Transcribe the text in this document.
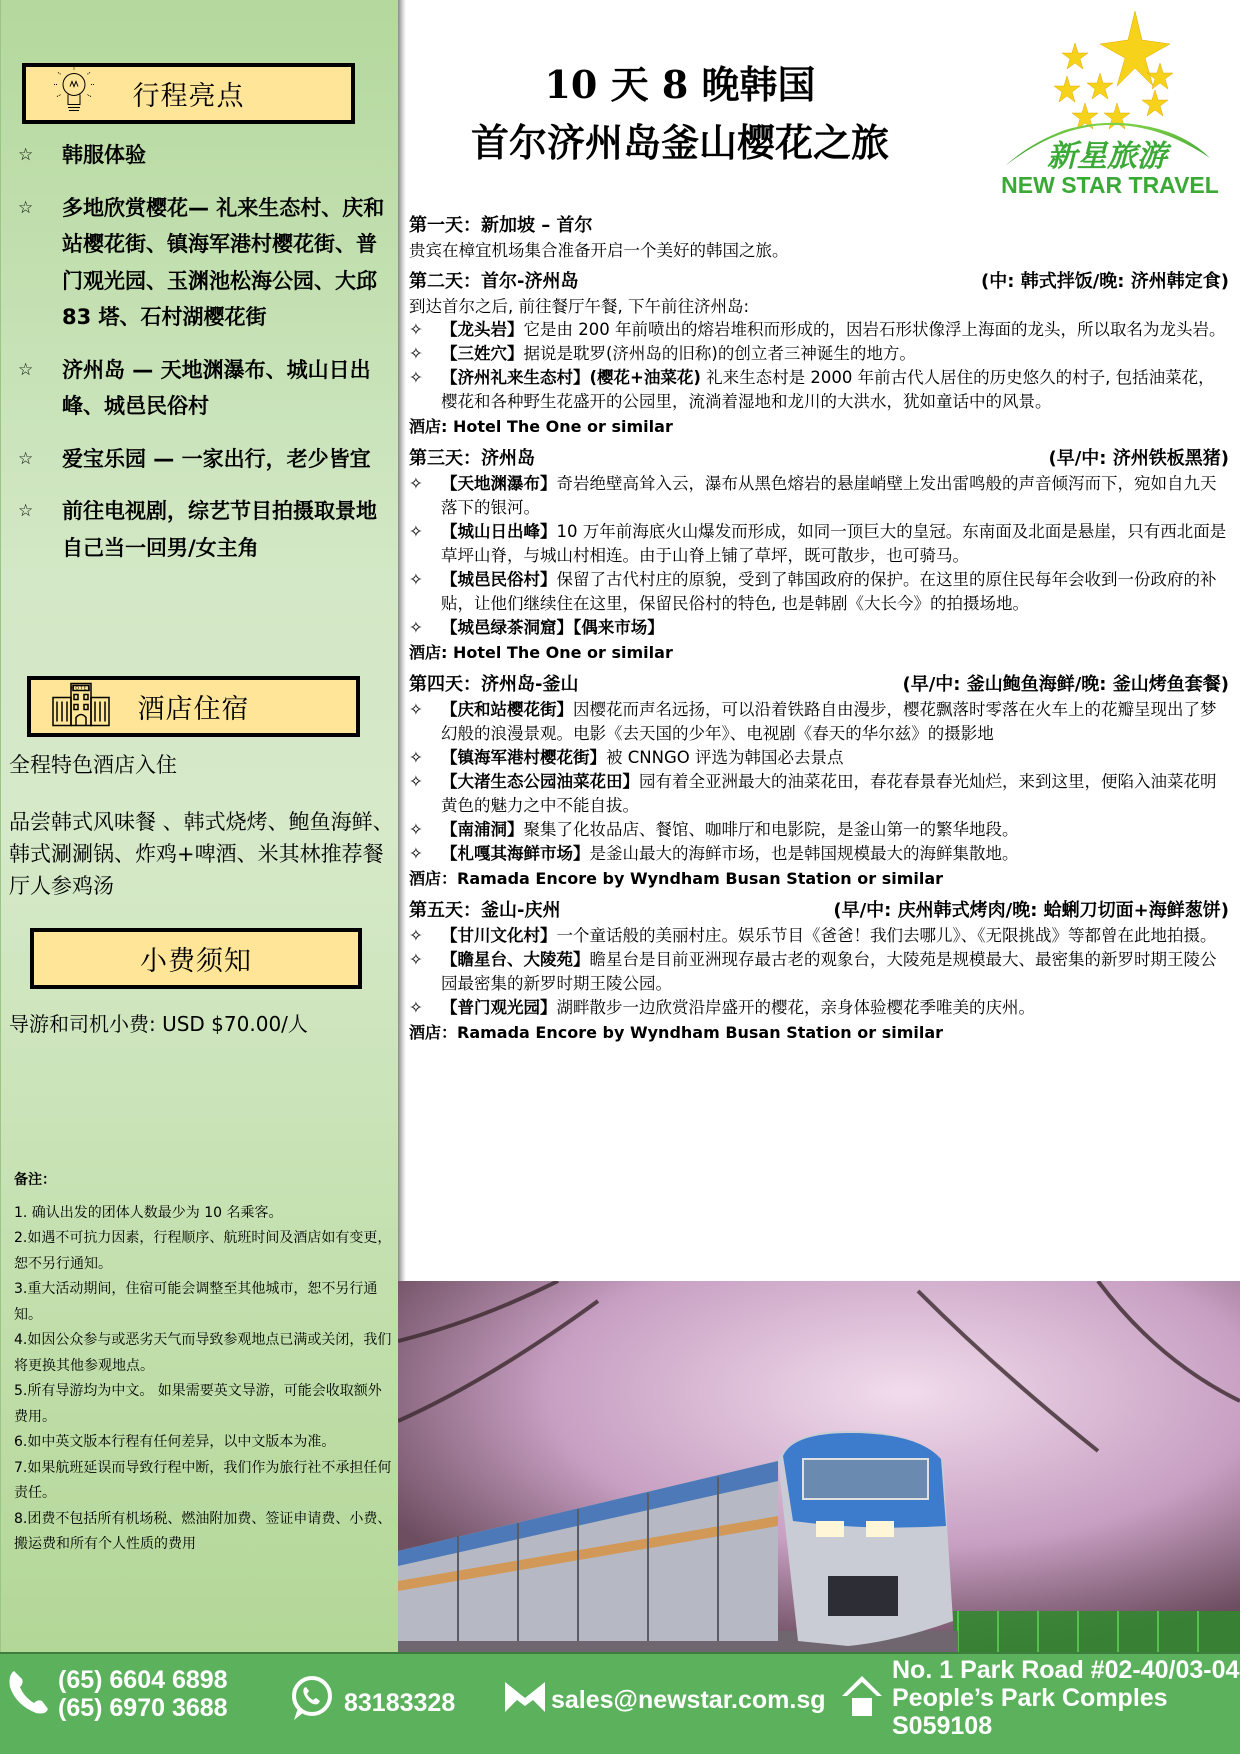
行程亮点
☆ 韩服体验
☆ 多地欣赏樱花— 礼来生态村、庆和站樱花街、镇海军港村樱花街、普门观光园、玉渊池松海公园、大邱 83 塔、石村湖樱花街
☆ 济州岛 — 天地渊瀑布、城山日出峰、城邑民俗村
☆ 爱宝乐园 — 一家出行，老少皆宜
☆ 前往电视剧，综艺节目拍摄取景地自己当一回男/女主角
HOTEL
酒店住宿
全程特色酒店入住
品尝韩式风味餐 、韩式烧烤、鲍鱼海鲜、韩式涮涮锅、炸鸡+啤酒、米其林推荐餐厅人参鸡汤
小费须知
导游和司机小费: USD $70.00/人
备注：
1. 确认出发的团体人数最少为 10 名乘客。
2.如遇不可抗力因素，行程顺序、航班时间及酒店如有变更，恕不另行通知。
3.重大活动期间，住宿可能会调整至其他城市，恕不另行通知。
4.如因公众参与或恶劣天气而导致参观地点已满或关闭，我们将更换其他参观地点。
5.所有导游均为中文。 如果需要英文导游，可能会收取额外费用。
6.如中英文版本行程有任何差异，以中文版本为准。
7.如果航班延误而导致行程中断，我们作为旅行社不承担任何责任。
8.团费不包括所有机场税、燃油附加费、签证申请费、小费、搬运费和所有个人性质的费用
10 天 8 晚韩国
首尔济州岛釜山樱花之旅	新星旅游
NEW STAR TRAVEL
第一天：新加坡 – 首尔
贵宾在樟宜机场集合准备开启一个美好的韩国之旅。
第二天：首尔-济州岛	(中: 韩式拌饭/晚: 济州韩定食)
到达首尔之后, 前往餐厅午餐, 下午前往济州岛:
✧ 【龙头岩】它是由 200 年前喷出的熔岩堆积而形成的，因岩石形状像浮上海面的龙头，所以取名为龙头岩。
✧ 【三姓穴】据说是耽罗(济州岛的旧称)的创立者三神诞生的地方。
✧ 【济州礼来生态村】(樱花+油菜花) 礼来生态村是 2000 年前古代人居住的历史悠久的村子, 包括油菜花，樱花和各种野生花盛开的公园里，流淌着湿地和龙川的大洪水，犹如童话中的风景。
酒店: Hotel The One or similar
第三天：济州岛	(早/中: 济州铁板黑猪)
✧ 【天地渊瀑布】奇岩绝壁高耸入云，瀑布从黑色熔岩的悬崖峭壁上发出雷鸣般的声音倾泻而下，宛如自九天落下的银河。
✧ 【城山日出峰】10 万年前海底火山爆发而形成，如同一顶巨大的皇冠。东南面及北面是悬崖，只有西北面是草坪山脊，与城山村相连。由于山脊上铺了草坪，既可散步，也可骑马。
✧ 【城邑民俗村】保留了古代村庄的原貌，受到了韩国政府的保护。在这里的原住民每年会收到一份政府的补贴，让他们继续住在这里，保留民俗村的特色, 也是韩剧《大长今》的拍摄场地。
✧ 【城邑绿茶洞窟】【偶来市场】
酒店: Hotel The One or similar
第四天：济州岛-釜山	(早/中: 釜山鲍鱼海鲜/晚: 釜山烤鱼套餐)
✧ 【庆和站樱花街】因樱花而声名远扬，可以沿着铁路自由漫步，樱花飘落时零落在火车上的花瓣呈现出了梦幻般的浪漫景观。电影《去天国的少年》、电视剧《春天的华尔兹》的摄影地
✧ 【镇海军港村樱花街】被 CNNGO 评选为韩国必去景点
✧ 【大渚生态公园油菜花田】园有着全亚洲最大的油菜花田，春花春景春光灿烂，来到这里，便陷入油菜花明黄色的魅力之中不能自拔。
✧ 【南浦洞】聚集了化妆品店、餐馆、咖啡厅和电影院，是釜山第一的繁华地段。
✧ 【札嘎其海鲜市场】是釜山最大的海鲜市场，也是韩国规模最大的海鲜集散地。
酒店：Ramada Encore by Wyndham Busan Station or similar
第五天：釜山-庆州	(早/中: 庆州韩式烤肉/晚: 蛤蜊刀切面+海鲜葱饼)
✧ 【甘川文化村】一个童话般的美丽村庄。娱乐节目《爸爸！我们去哪儿》、《无限挑战》等都曾在此地拍摄。
✧ 【瞻星台、大陵苑】瞻星台是目前亚洲现存最古老的观象台，大陵苑是规模最大、最密集的新罗时期王陵公园最密集的新罗时期王陵公园。
✧ 【普门观光园】湖畔散步一边欣赏沿岸盛开的樱花，亲身体验樱花季唯美的庆州。
酒店：Ramada Encore by Wyndham Busan Station or similar
(65) 6604 6898
(65) 6970 3688	83183328	sales@newstar.com.sg
No. 1 Park Road #02-40/03-04
People’s Park Comples
S059108
